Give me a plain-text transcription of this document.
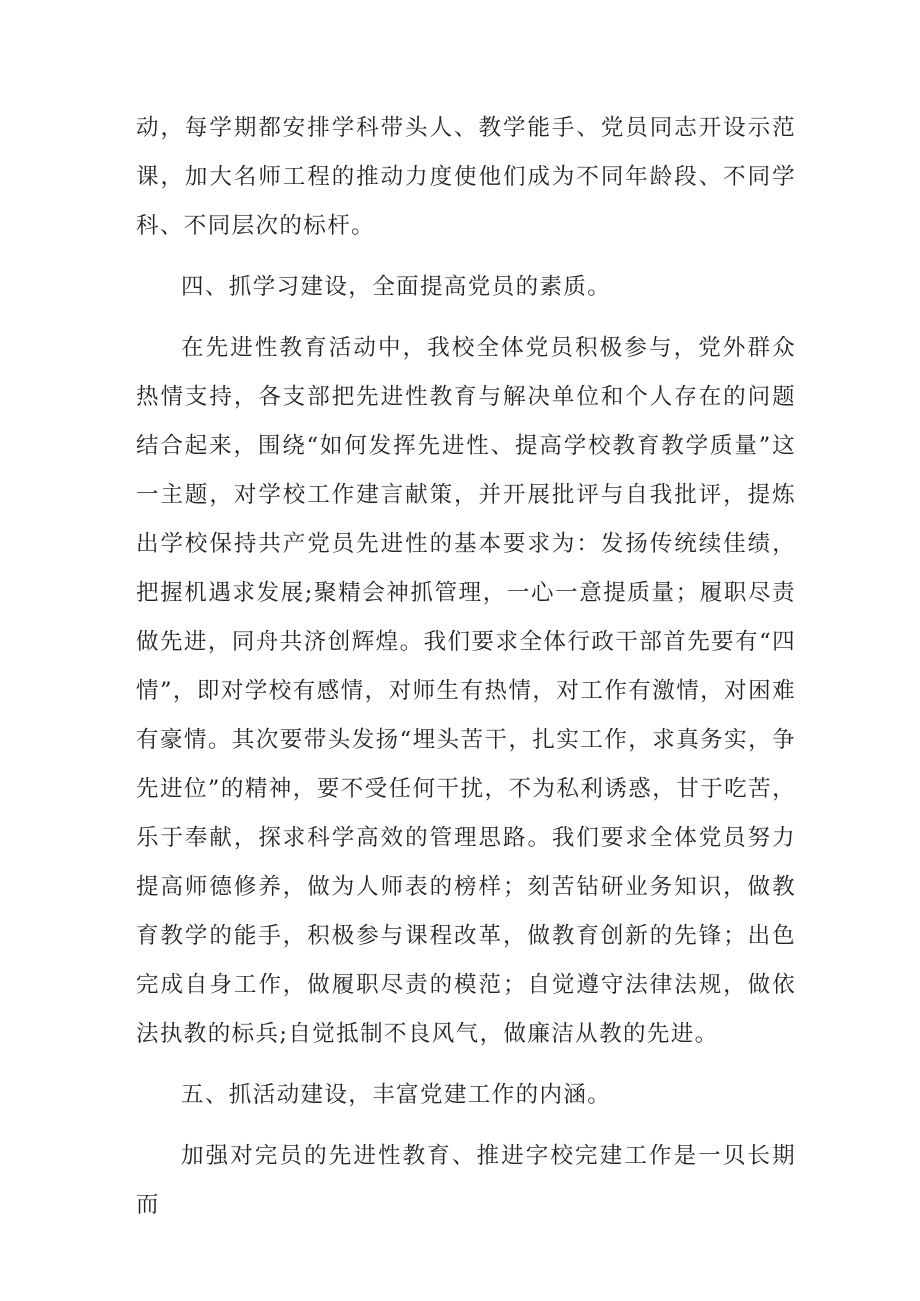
动，每学期都安排学科带头人、教学能手、党员同志开设示范课，加大名师工程的推动力度使他们成为不同年龄段、不同学科、不同层次的标杆。

四、抓学习建设，全面提高党员的素质。

在先进性教育活动中，我校全体党员积极参与，党外群众热情支持，各支部把先进性教育与解决单位和个人存在的问题结合起来，围绕“如何发挥先进性、提高学校教育教学质量”这一主题，对学校工作建言献策，并开展批评与自我批评，提炼出学校保持共产党员先进性的基本要求为：发扬传统续佳绩，把握机遇求发展;聚精会神抓管理，一心一意提质量；履职尽责做先进，同舟共济创辉煌。我们要求全体行政干部首先要有“四情”，即对学校有感情，对师生有热情，对工作有激情，对困难有豪情。其次要带头发扬“埋头苦干，扎实工作，求真务实，争先进位”的精神，要不受任何干扰，不为私利诱惑，甘于吃苦，乐于奉献，探求科学高效的管理思路。我们要求全体党员努力提高师德修养，做为人师表的榜样；刻苦钻研业务知识，做教育教学的能手，积极参与课程改革，做教育创新的先锋；出色完成自身工作，做履职尽责的模范；自觉遵守法律法规，做依法执教的标兵;自觉抵制不良风气，做廉洁从教的先进。

五、抓活动建设，丰富党建工作的内涵。

加强对完员的先进性教育、推进字校完建工作是一贝长期而
